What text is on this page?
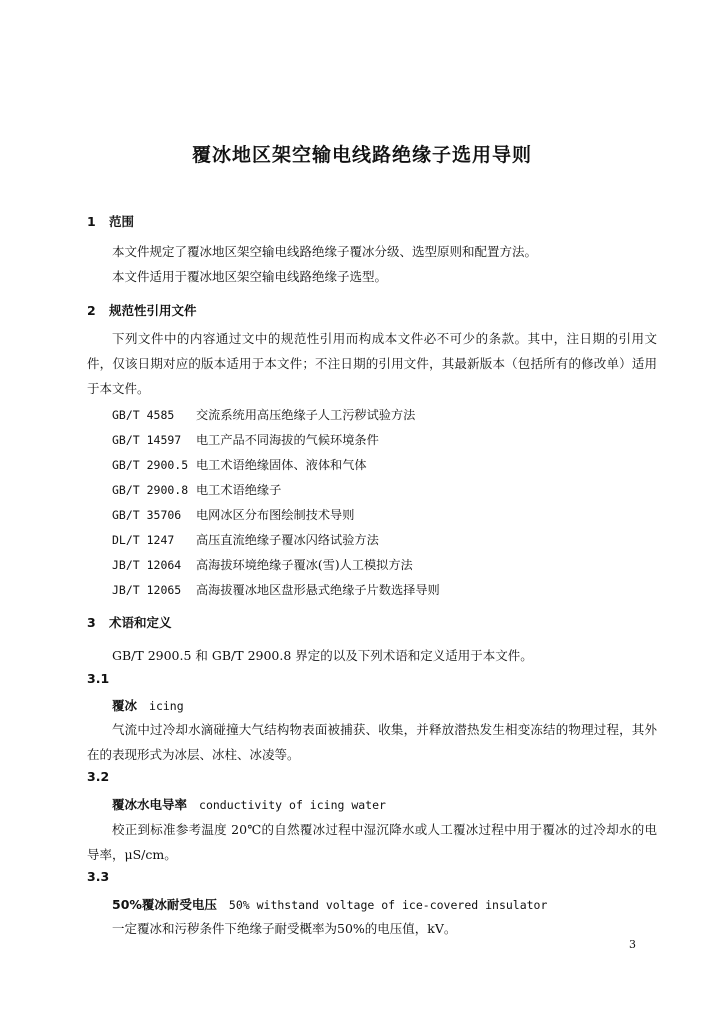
覆冰地区架空输电线路绝缘子选用导则
1 范围
本文件规定了覆冰地区架空输电线路绝缘子覆冰分级、选型原则和配置方法。
本文件适用于覆冰地区架空输电线路绝缘子选型。
2 规范性引用文件
下列文件中的内容通过文中的规范性引用而构成本文件必不可少的条款。其中，注日期的引用文件，仅该日期对应的版本适用于本文件；不注日期的引用文件，其最新版本（包括所有的修改单）适用于本文件。
GB/T 4585 交流系统用高压绝缘子人工污秽试验方法
GB/T 14597 电工产品不同海拔的气候环境条件
GB/T 2900.5 电工术语绝缘固体、液体和气体
GB/T 2900.8 电工术语绝缘子
GB/T 35706 电网冰区分布图绘制技术导则
DL/T 1247 高压直流绝缘子覆冰闪络试验方法
JB/T 12064 高海拔环境绝缘子覆冰(雪)人工模拟方法
JB/T 12065 高海拔覆冰地区盘形悬式绝缘子片数选择导则
3 术语和定义
GB/T 2900.5 和 GB/T 2900.8 界定的以及下列术语和定义适用于本文件。
3.1
覆冰 icing
气流中过冷却水滴碰撞大气结构物表面被捕获、收集，并释放潜热发生相变冻结的物理过程，其外在的表现形式为冰层、冰柱、冰凌等。
3.2
覆冰水电导率 conductivity of icing water
校正到标准参考温度 20℃的自然覆冰过程中湿沉降水或人工覆冰过程中用于覆冰的过冷却水的电导率，μS/cm。
3.3
50%覆冰耐受电压 50% withstand voltage of ice-covered insulator
一定覆冰和污秽条件下绝缘子耐受概率为50%的电压值，kV。
3
